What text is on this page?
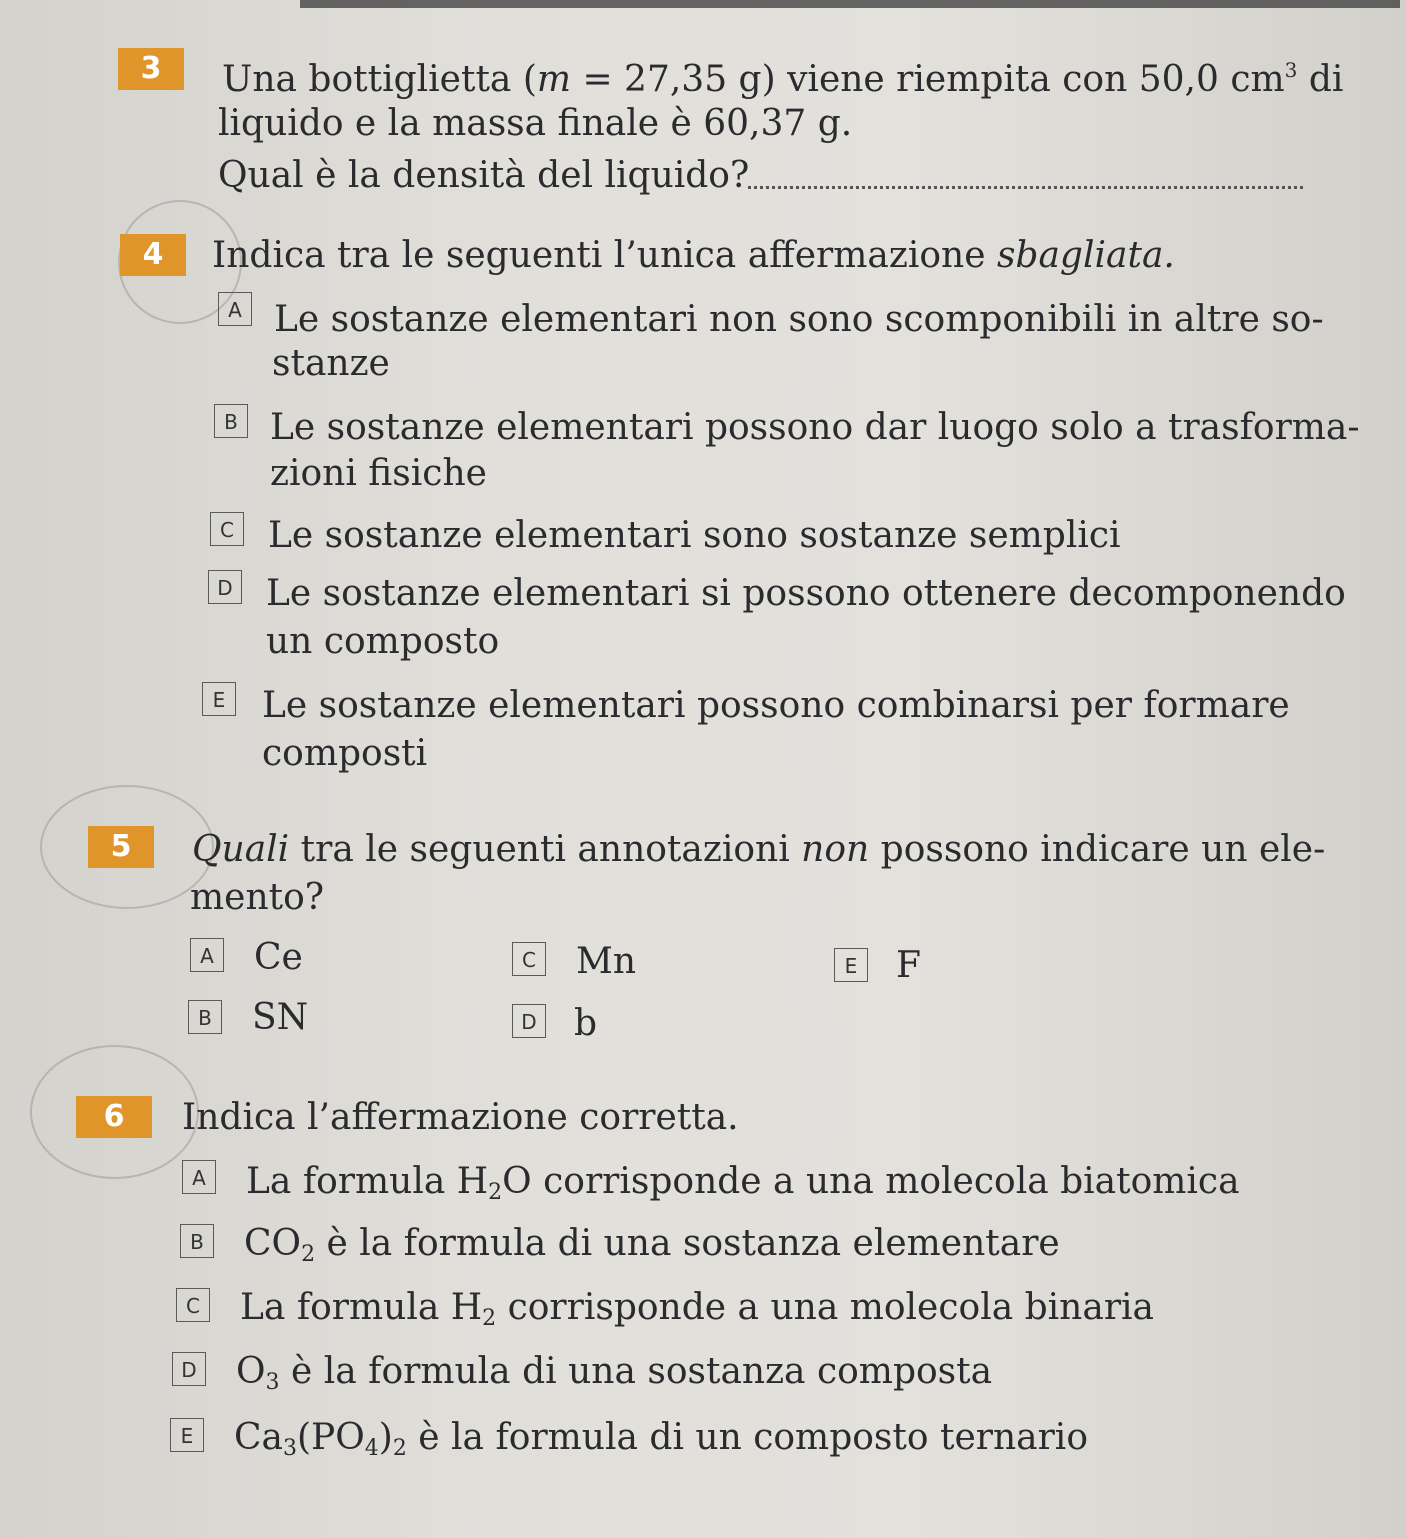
3	Una bottiglietta (m = 27,35 g) viene riempita con 50,0 $cm^3$ di
liquido e la massa finale è 60,37 g.
Qual è la densità del liquido?
4	Indica tra le seguenti l’unica affermazione sbagliata.
A Le sostanze elementari non sono scomponibili in altre so-
stanze
B Le sostanze elementari possono dar luogo solo a trasforma-
zioni fisiche
C Le sostanze elementari sono sostanze semplici
D Le sostanze elementari si possono ottenere decomponendo
un composto
E Le sostanze elementari possono combinarsi per formare
composti
5	Quali tra le seguenti annotazioni non possono indicare un ele-
mento?
A Ce
B SN
C Mn
D b
E F
6	Indica l’affermazione corretta.
A La formula $H_2O$ corrisponde a una molecola biatomica
B $CO_2$ è la formula di una sostanza elementare
C La formula $H_2$ corrisponde a una molecola binaria
D $O_3$ è la formula di una sostanza composta
E $Ca_3(PO_4)_2$ è la formula di un composto ternario
